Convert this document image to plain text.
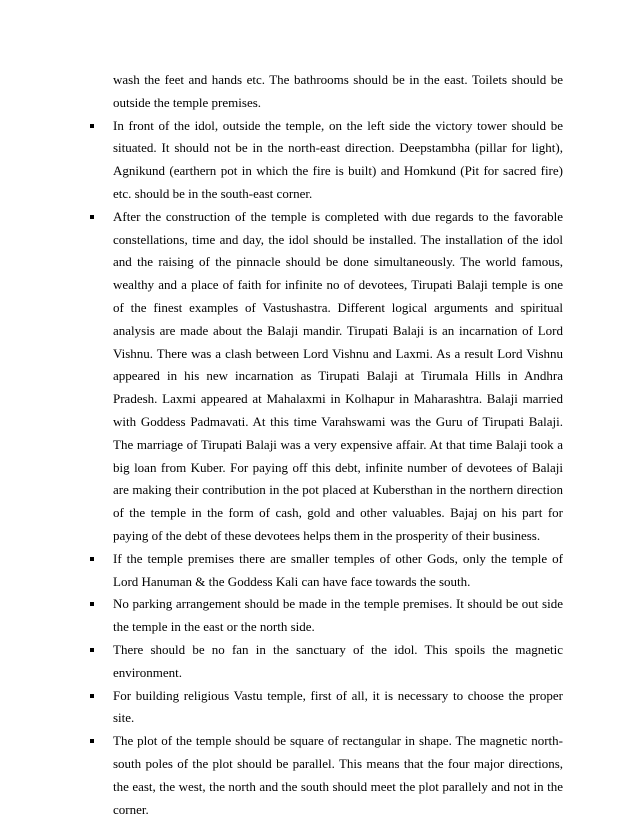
wash the feet and hands etc. The bathrooms should be in the east. Toilets should be outside the temple premises.

In front of the idol, outside the temple, on the left side the victory tower should be situated. It should not be in the north-east direction. Deepstambha (pillar for light), Agnikund (earthern pot in which the fire is built) and Homkund (Pit for sacred fire) etc. should be in the south-east corner.
After the construction of the temple is completed with due regards to the favorable constellations, time and day, the idol should be installed. The installation of the idol and the raising of the pinnacle should be done simultaneously. The world famous, wealthy and a place of faith for infinite no of devotees, Tirupati Balaji temple is one of the finest examples of Vastushastra. Different logical arguments and spiritual analysis are made about the Balaji mandir. Tirupati Balaji is an incarnation of Lord Vishnu. There was a clash between Lord Vishnu and Laxmi. As a result Lord Vishnu appeared in his new incarnation as Tirupati Balaji at Tirumala Hills in Andhra Pradesh. Laxmi appeared at Mahalaxmi in Kolhapur in Maharashtra. Balaji married with Goddess Padmavati. At this time Varahswami was the Guru of Tirupati Balaji. The marriage of Tirupati Balaji was a very expensive affair. At that time Balaji took a big loan from Kuber. For paying off this debt, infinite number of devotees of Balaji are making their contribution in the pot placed at Kubersthan in the northern direction of the temple in the form of cash, gold and other valuables. Bajaj on his part for paying of the debt of these devotees helps them in the prosperity of their business.
If the temple premises there are smaller temples of other Gods, only the temple of Lord Hanuman & the Goddess Kali can have face towards the south.
No parking arrangement should be made in the temple premises. It should be out side the temple in the east or the north side.
There should be no fan in the sanctuary of the idol. This spoils the magnetic environment.
For building religious Vastu temple, first of all, it is necessary to choose the proper site.
The plot of the temple should be square of rectangular in shape. The magnetic north-south poles of the plot should be parallel. This means that the four major directions, the east, the west, the north and the south should meet the plot parallely and not in the corner.
